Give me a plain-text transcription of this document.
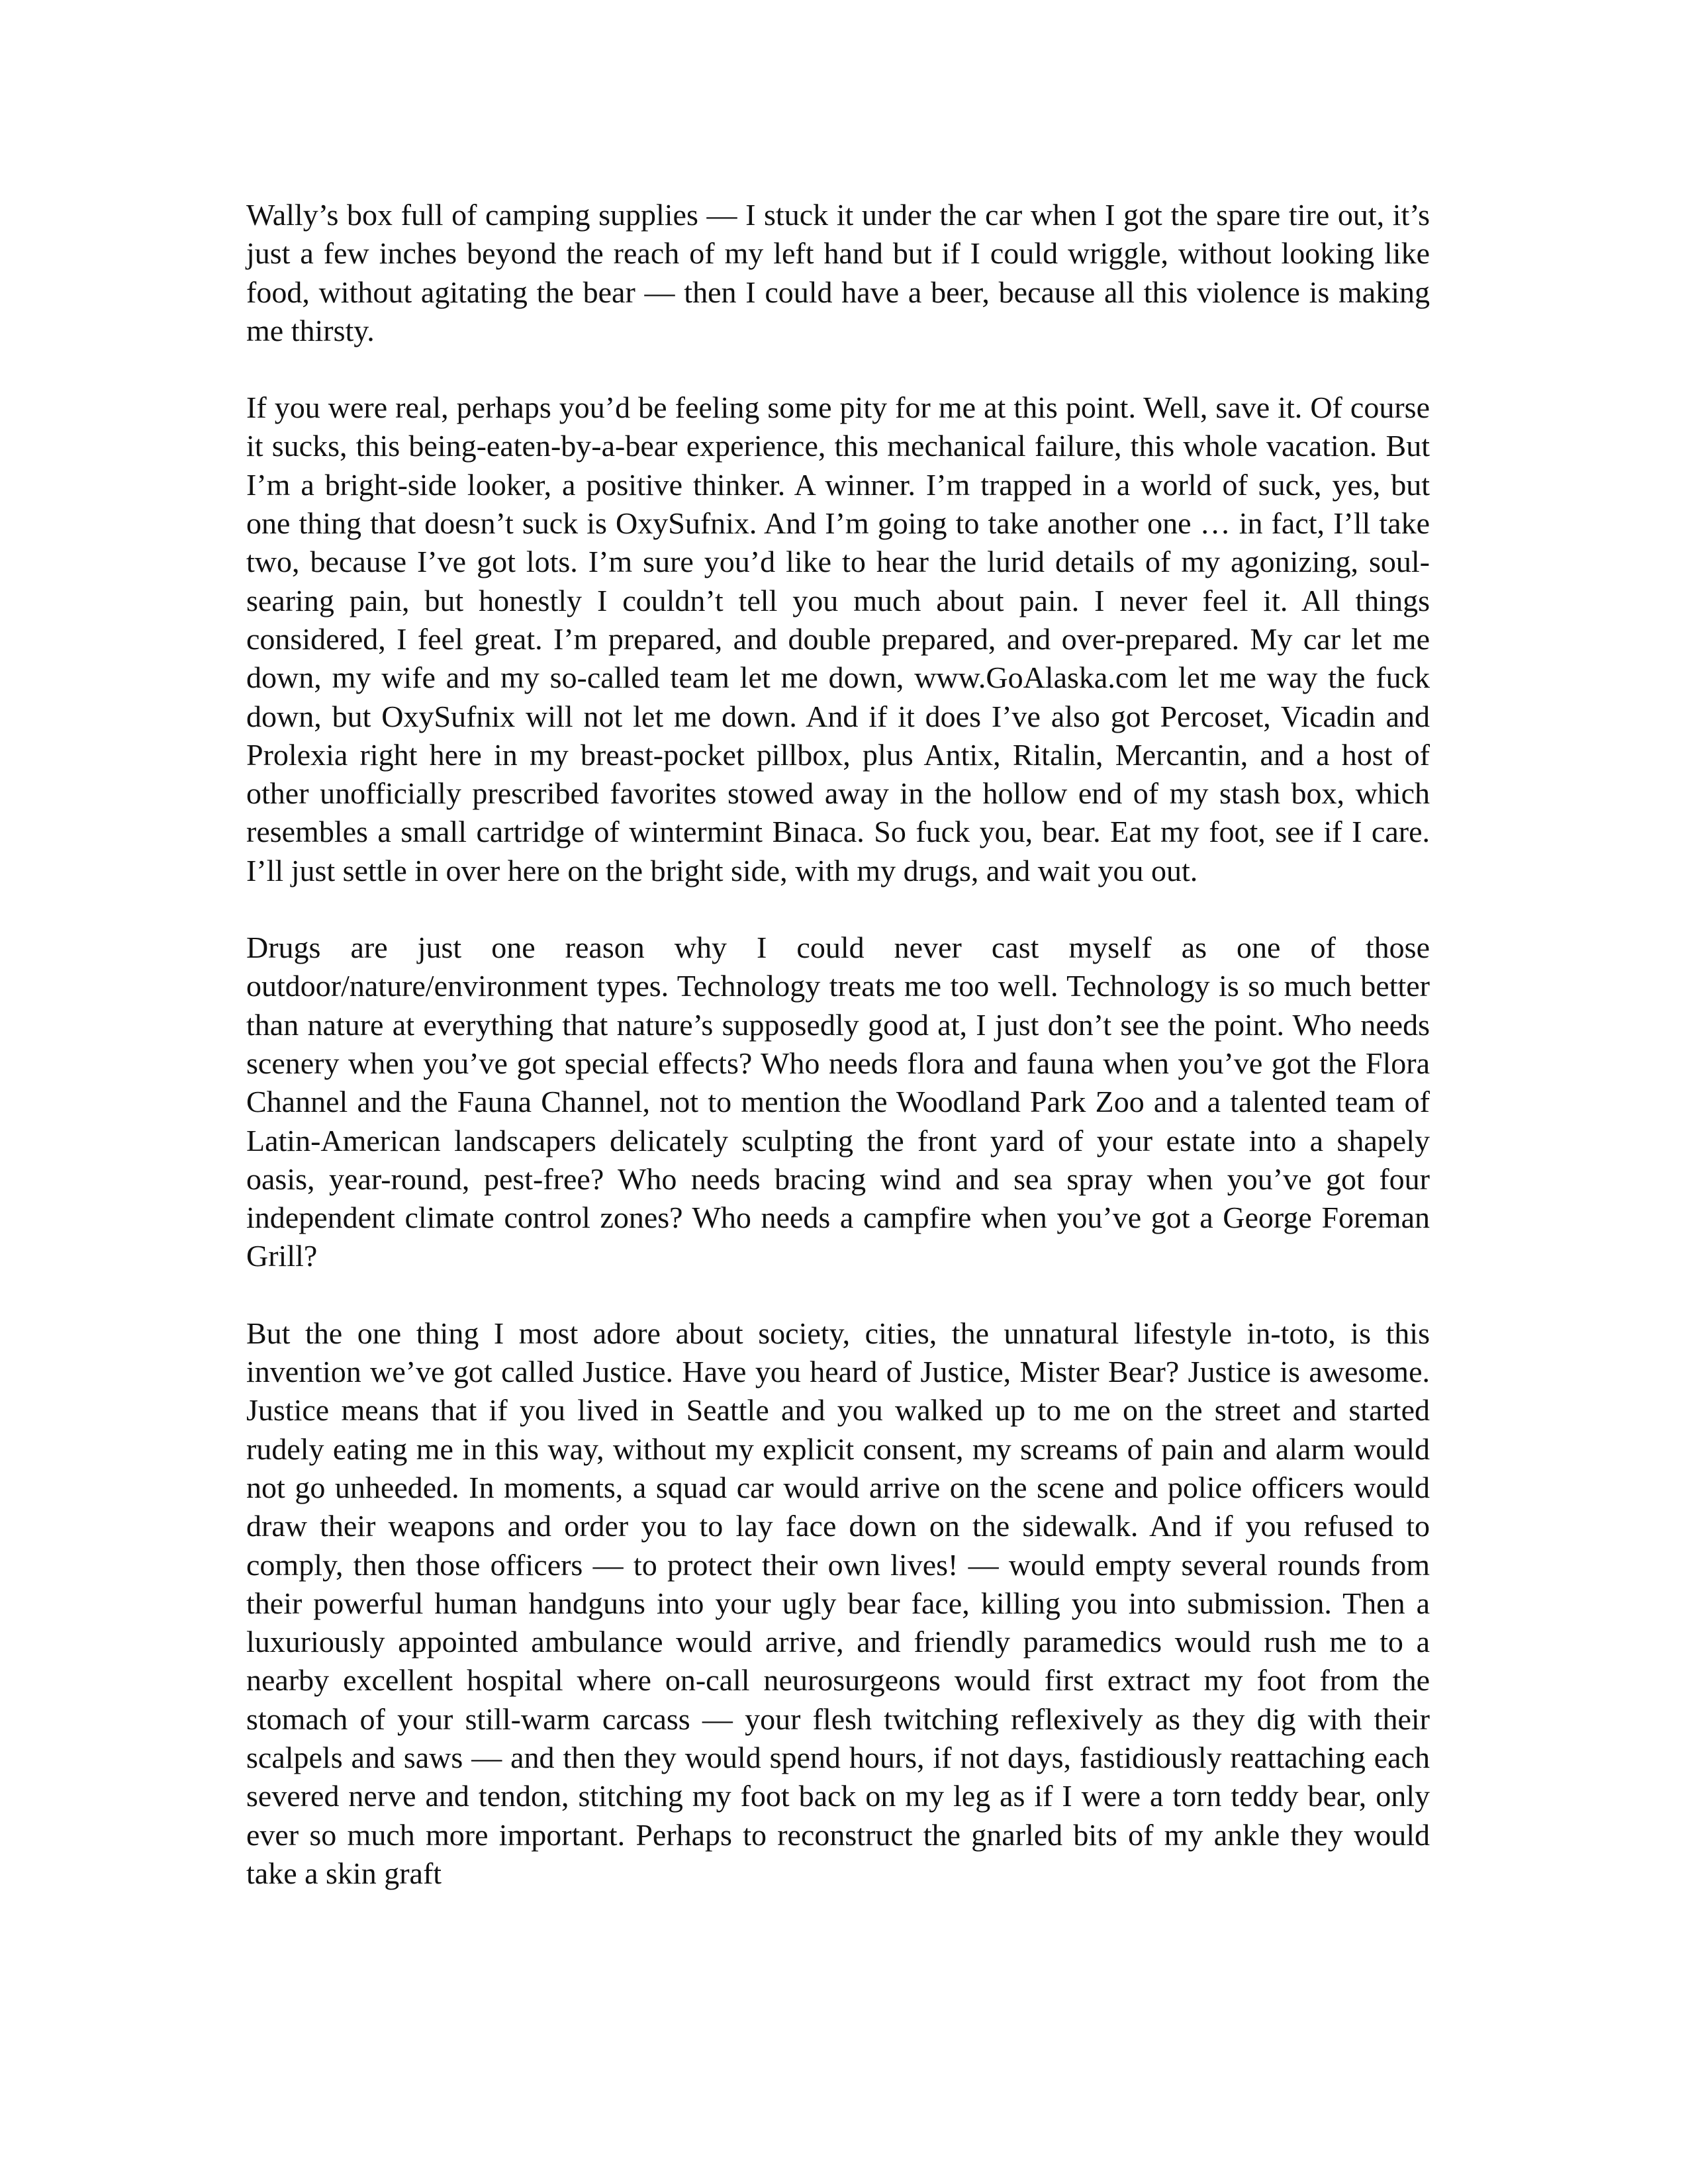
Wally’s box full of camping supplies — I stuck it under the car when I got the spare tire out, it’s just a few inches beyond the reach of my left hand but if I could wriggle, without looking like food, without agitating the bear — then I could have a beer, because all this violence is making me thirsty.

If you were real, perhaps you’d be feeling some pity for me at this point. Well, save it. Of course it sucks, this being-eaten-by-a-bear experience, this mechanical failure, this whole vacation. But I’m a bright-side looker, a positive thinker. A winner. I’m trapped in a world of suck, yes, but one thing that doesn’t suck is OxySufnix. And I’m going to take another one … in fact, I’ll take two, because I’ve got lots. I’m sure you’d like to hear the lurid details of my agonizing, soul-searing pain, but honestly I couldn’t tell you much about pain. I never feel it. All things considered, I feel great. I’m prepared, and double prepared, and over-prepared. My car let me down, my wife and my so-called team let me down, www.GoAlaska.com let me way the fuck down, but OxySufnix will not let me down. And if it does I’ve also got Percoset, Vicadin and Prolexia right here in my breast-pocket pillbox, plus Antix, Ritalin, Mercantin, and a host of other unofficially prescribed favorites stowed away in the hollow end of my stash box, which resembles a small cartridge of wintermint Binaca. So fuck you, bear. Eat my foot, see if I care. I’ll just settle in over here on the bright side, with my drugs, and wait you out.

Drugs are just one reason why I could never cast myself as one of those outdoor/nature/environment types. Technology treats me too well. Technology is so much better than nature at everything that nature’s supposedly good at, I just don’t see the point. Who needs scenery when you’ve got special effects? Who needs flora and fauna when you’ve got the Flora Channel and the Fauna Channel, not to mention the Woodland Park Zoo and a talented team of Latin-American landscapers delicately sculpting the front yard of your estate into a shapely oasis, year-round, pest-free? Who needs bracing wind and sea spray when you’ve got four independent climate control zones? Who needs a campfire when you’ve got a George Foreman Grill?

But the one thing I most adore about society, cities, the unnatural lifestyle in-toto, is this invention we’ve got called Justice. Have you heard of Justice, Mister Bear? Justice is awesome. Justice means that if you lived in Seattle and you walked up to me on the street and started rudely eating me in this way, without my explicit consent, my screams of pain and alarm would not go unheeded. In moments, a squad car would arrive on the scene and police officers would draw their weapons and order you to lay face down on the sidewalk. And if you refused to comply, then those officers — to protect their own lives! — would empty several rounds from their powerful human handguns into your ugly bear face, killing you into submission. Then a luxuriously appointed ambulance would arrive, and friendly paramedics would rush me to a nearby excellent hospital where on-call neurosurgeons would first extract my foot from the stomach of your still-warm carcass — your flesh twitching reflexively as they dig with their scalpels and saws — and then they would spend hours, if not days, fastidiously reattaching each severed nerve and tendon, stitching my foot back on my leg as if I were a torn teddy bear, only ever so much more important. Perhaps to reconstruct the gnarled bits of my ankle they would take a skin graft
